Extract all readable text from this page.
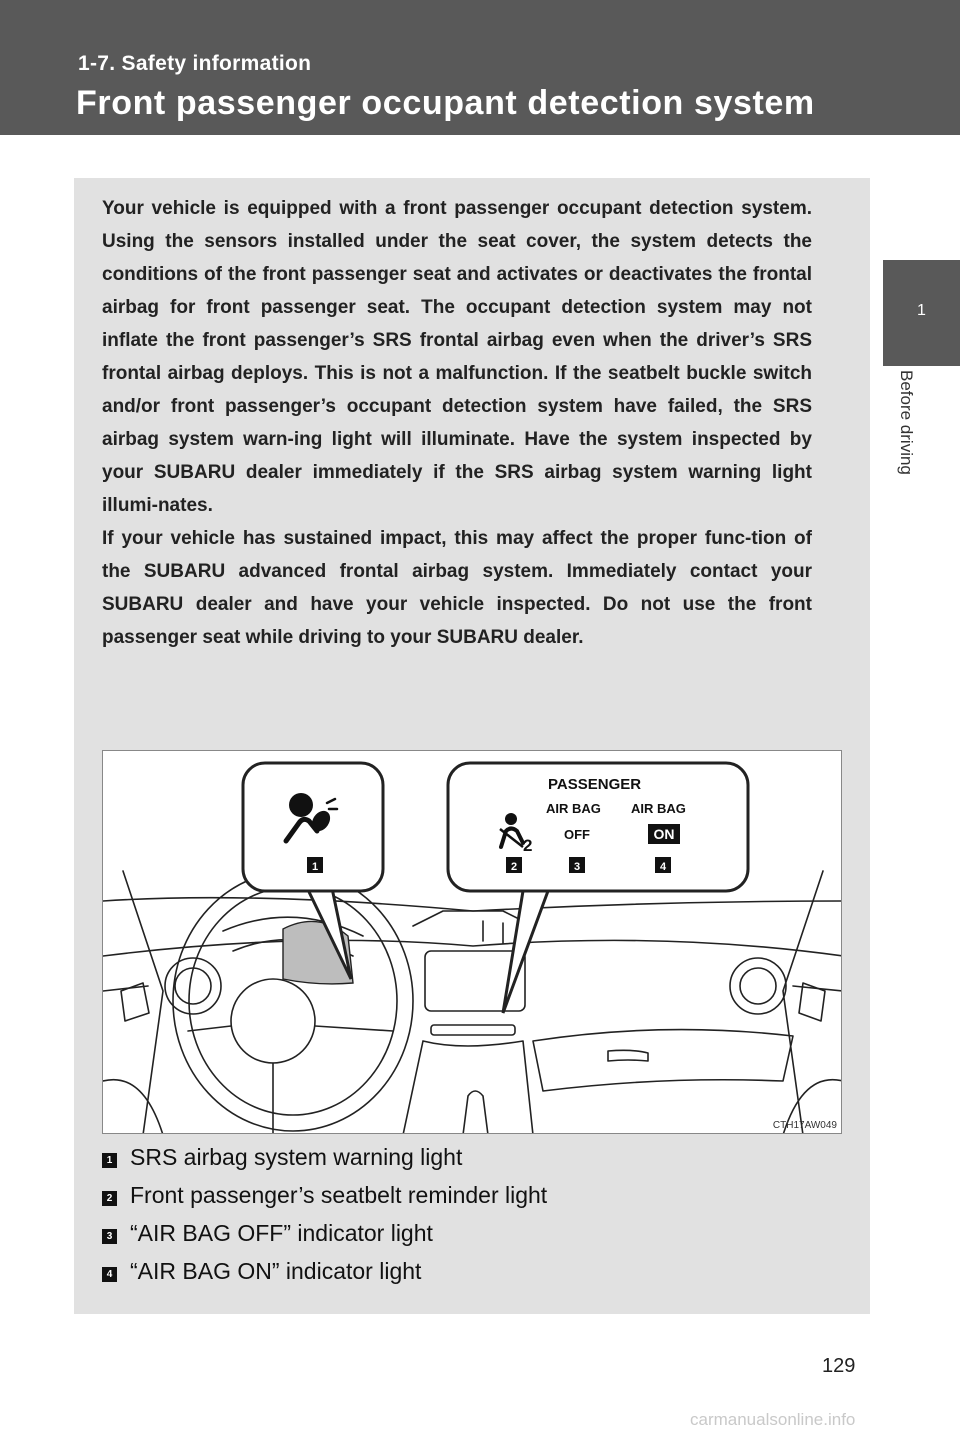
1-7. Safety information
Front passenger occupant detection system
1
Before driving

Your vehicle is equipped with a front passenger occupant detection system. Using the sensors installed under the seat cover, the system detects the conditions of the front passenger seat and activates or deactivates the frontal airbag for front passenger seat. The occupant detection system may not inflate the front passenger’s SRS frontal airbag even when the driver’s SRS frontal airbag deploys. This is not a malfunction. If the seatbelt buckle switch and/or front passenger’s occupant detection system have failed, the SRS airbag system warn-ing light will illuminate. Have the system inspected by your SUBARU dealer immediately if the SRS airbag system warning light illumi-nates.

If your vehicle has sustained impact, this may affect the proper func-tion of the SUBARU advanced frontal airbag system. Immediately contact your SUBARU dealer and have your vehicle inspected. Do not use the front passenger seat while driving to your SUBARU dealer.

1
PASSENGER
AIR BAG AIR BAG
OFF	ON
2
2	3	4
CTH17AW049
1 SRS airbag system warning light
2 Front passenger’s seatbelt reminder light
3 “AIR BAG OFF” indicator light
4 “AIR BAG ON” indicator light
129
carmanualsonline.info
